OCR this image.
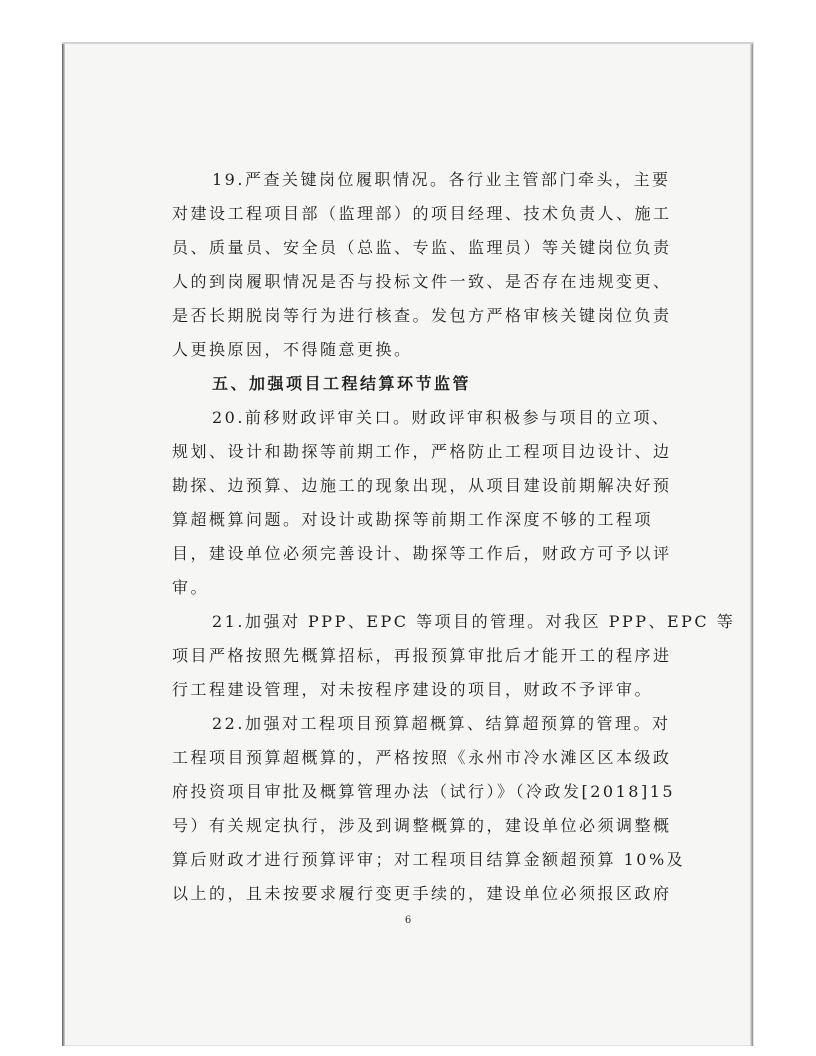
19.严查关键岗位履职情况。各行业主管部门牵头，主要
对建设工程项目部（监理部）的项目经理、技术负责人、施工
员、质量员、安全员（总监、专监、监理员）等关键岗位负责
人的到岗履职情况是否与投标文件一致、是否存在违规变更、
是否长期脱岗等行为进行核查。发包方严格审核关键岗位负责
人更换原因，不得随意更换。
五、加强项目工程结算环节监管
20.前移财政评审关口。财政评审积极参与项目的立项、
规划、设计和勘探等前期工作，严格防止工程项目边设计、边
勘探、边预算、边施工的现象出现，从项目建设前期解决好预
算超概算问题。对设计或勘探等前期工作深度不够的工程项
目，建设单位必须完善设计、勘探等工作后，财政方可予以评
审。
21.加强对 PPP、EPC 等项目的管理。对我区 PPP、EPC 等
项目严格按照先概算招标，再报预算审批后才能开工的程序进
行工程建设管理，对未按程序建设的项目，财政不予评审。
22.加强对工程项目预算超概算、结算超预算的管理。对
工程项目预算超概算的，严格按照《永州市冷水滩区区本级政
府投资项目审批及概算管理办法（试行）》（冷政发[2018]15
号）有关规定执行，涉及到调整概算的，建设单位必须调整概
算后财政才进行预算评审；对工程项目结算金额超预算 10%及
以上的，且未按要求履行变更手续的，建设单位必须报区政府
6
